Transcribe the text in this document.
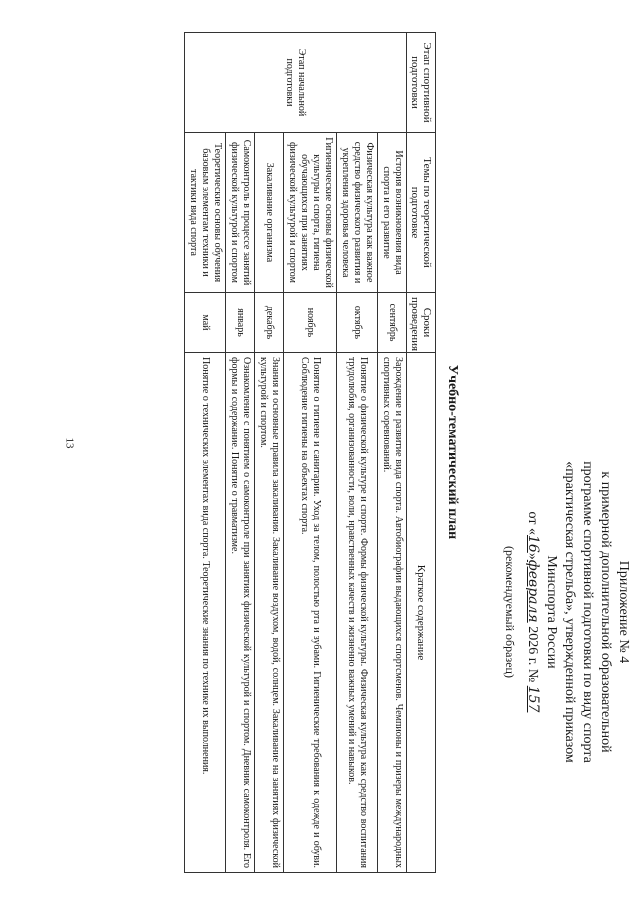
13
Приложение № 4
к примерной дополнительной образовательной
программе спортивной подготовки по виду спорта
«практическая стрельба», утвержденной приказом
Минспорта России
от «16»февраля 2026 г. № 157
(рекомендуемый образец)
Учебно-тематический план
Этап спортивной подготовки	Темы по теоретической подготовке	Сроки проведения	Краткое содержание
Этап начальной подготовки	История возникновения вида спорта и его развитие	сентябрь	Зарождение и развитие вида спорта. Автобиографии выдающихся спортсменов. Чемпионы и призеры международных спортивных соревнований.
	Физическая культура как важное средство физического развития и укрепления здоровья человека	октябрь	Понятие о физической культуре и спорте. Формы физической культуры. Физическая культура как средство воспитания трудолюбия, организованности, воли, нравственных качеств и жизненно важных умений и навыков.
	Гигиенические основы физической культуры и спорта, гигиена обучающихся при занятиях физической культурой и спортом	ноябрь	Понятие о гигиене и санитарии. Уход за телом, полостью рта и зубами. Гигиенические требования к одежде и обуви. Соблюдение гигиены на объектах спорта.
	Закаливание организма	декабрь	Знания и основные правила закаливания. Закаливание воздухом, водой, солнцем. Закаливание на занятиях физической культурой и спортом.
	Самоконтроль в процессе занятий физической культурой и спортом	январь	Ознакомление с понятием о самоконтроле при занятиях физической культурой и спортом. Дневник самоконтроля. Его формы и содержание. Понятие о травматизме.
	Теоретические основы обучения базовым элементам техники и тактики вида спорта	май	Понятие о технических элементах вида спорта. Теоретические знания по технике их выполнения.
